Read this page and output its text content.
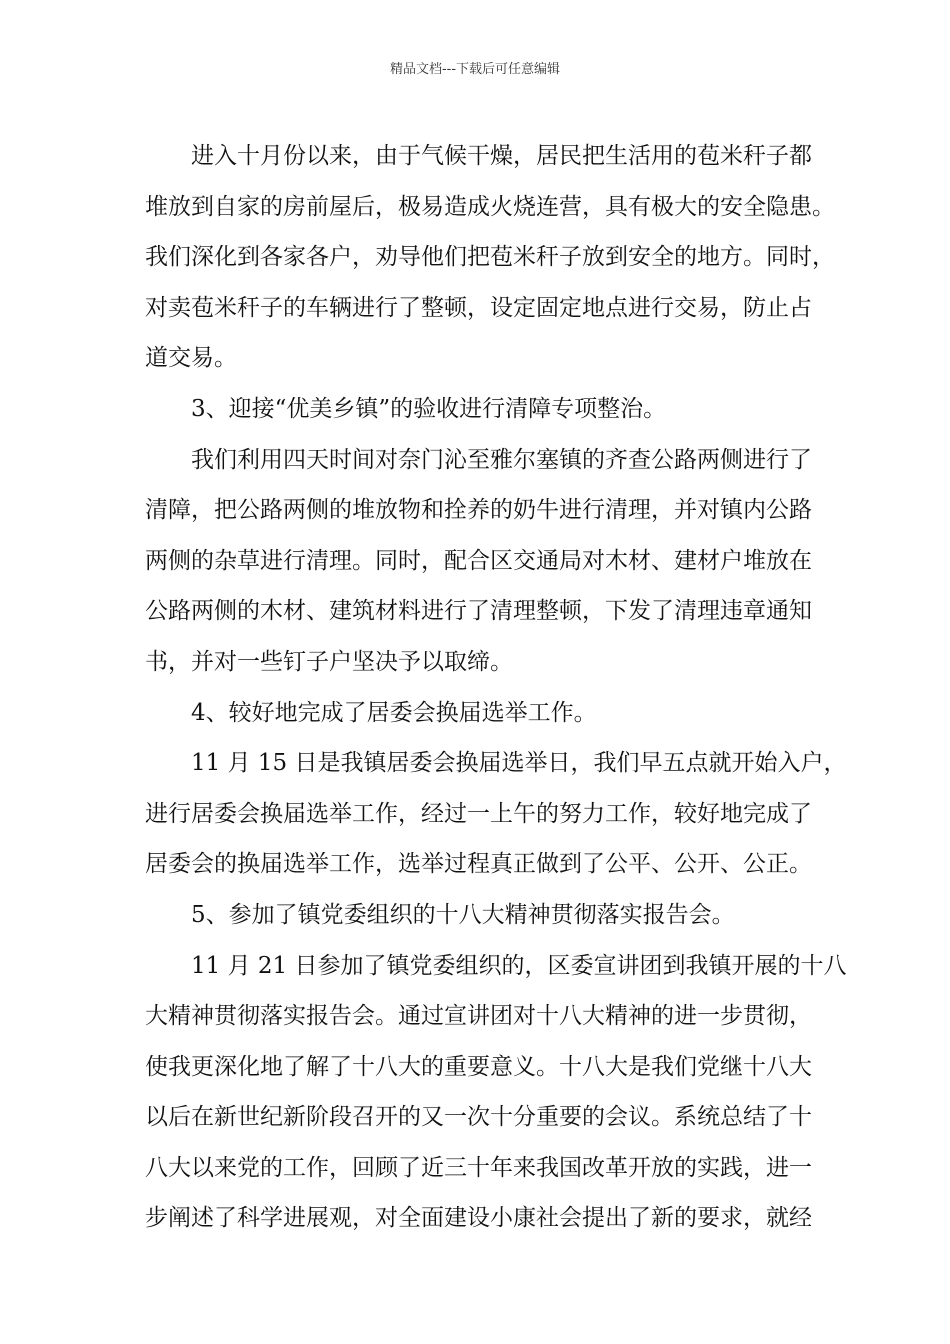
精品文档---下载后可任意编辑
进入十月份以来，由于气候干燥，居民把生活用的苞米秆子都
堆放到自家的房前屋后，极易造成火烧连营，具有极大的安全隐患。
我们深化到各家各户，劝导他们把苞米秆子放到安全的地方。同时，
对卖苞米秆子的车辆进行了整顿，设定固定地点进行交易，防止占
道交易。
3、迎接“优美乡镇”的验收进行清障专项整治。
我们利用四天时间对奈门沁至雅尔塞镇的齐查公路两侧进行了
清障，把公路两侧的堆放物和拴养的奶牛进行清理，并对镇内公路
两侧的杂草进行清理。同时，配合区交通局对木材、建材户堆放在
公路两侧的木材、建筑材料进行了清理整顿，下发了清理违章通知
书，并对一些钉子户坚决予以取缔。
4、较好地完成了居委会换届选举工作。
11 月 15 日是我镇居委会换届选举日，我们早五点就开始入户，
进行居委会换届选举工作，经过一上午的努力工作，较好地完成了
居委会的换届选举工作，选举过程真正做到了公平、公开、公正。
5、参加了镇党委组织的十八大精神贯彻落实报告会。
11 月 21 日参加了镇党委组织的，区委宣讲团到我镇开展的十八
大精神贯彻落实报告会。通过宣讲团对十八大精神的进一步贯彻，
使我更深化地了解了十八大的重要意义。十八大是我们党继十八大
以后在新世纪新阶段召开的又一次十分重要的会议。系统总结了十
八大以来党的工作，回顾了近三十年来我国改革开放的实践，进一
步阐述了科学进展观，对全面建设小康社会提出了新的要求，就经
